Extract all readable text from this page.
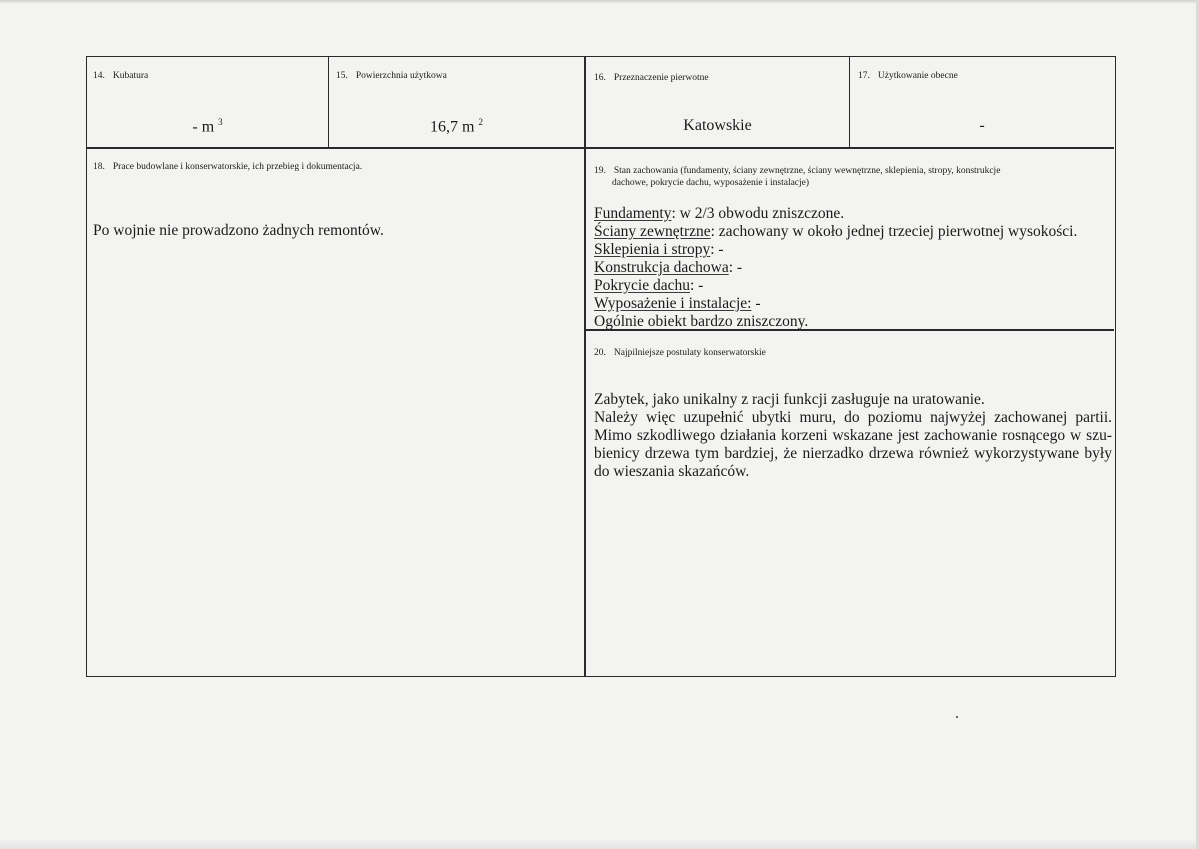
14. Kubatura
- m $^3$
15. Powierzchnia użytkowa
16,7 m $^2$
16. Przeznaczenie pierwotne
Katowskie
17. Użytkowanie obecne
-
18. Prace budowlane i konserwatorskie, ich przebieg i dokumentacja.
Po wojnie nie prowadzono żadnych remontów.
19. Stan zachowania (fundamenty, ściany zewnętrzne, ściany wewnętrzne, sklepienia, stropy, konstrukcje
dachowe, pokrycie dachu, wyposażenie i instalacje)
Fundamenty: w 2/3 obwodu zniszczone.
Ściany zewnętrzne: zachowany w około jednej trzeciej pierwotnej wysokości.
Sklepienia i stropy: -
Konstrukcja dachowa: -
Pokrycie dachu: -
Wyposażenie i instalacje: -
Ogólnie obiekt bardzo zniszczony.
20. Najpilniejsze postulaty konserwatorskie
Zabytek, jako unikalny z racji funkcji zasługuje na uratowanie.
Należy więc uzupełnić ubytki muru, do poziomu najwyżej zachowanej partii.
Mimo szkodliwego działania korzeni wskazane jest zachowanie rosnącego w szu-
bienicy drzewa tym bardziej, że nierzadko drzewa również wykorzystywane były
do wieszania skazańców.
